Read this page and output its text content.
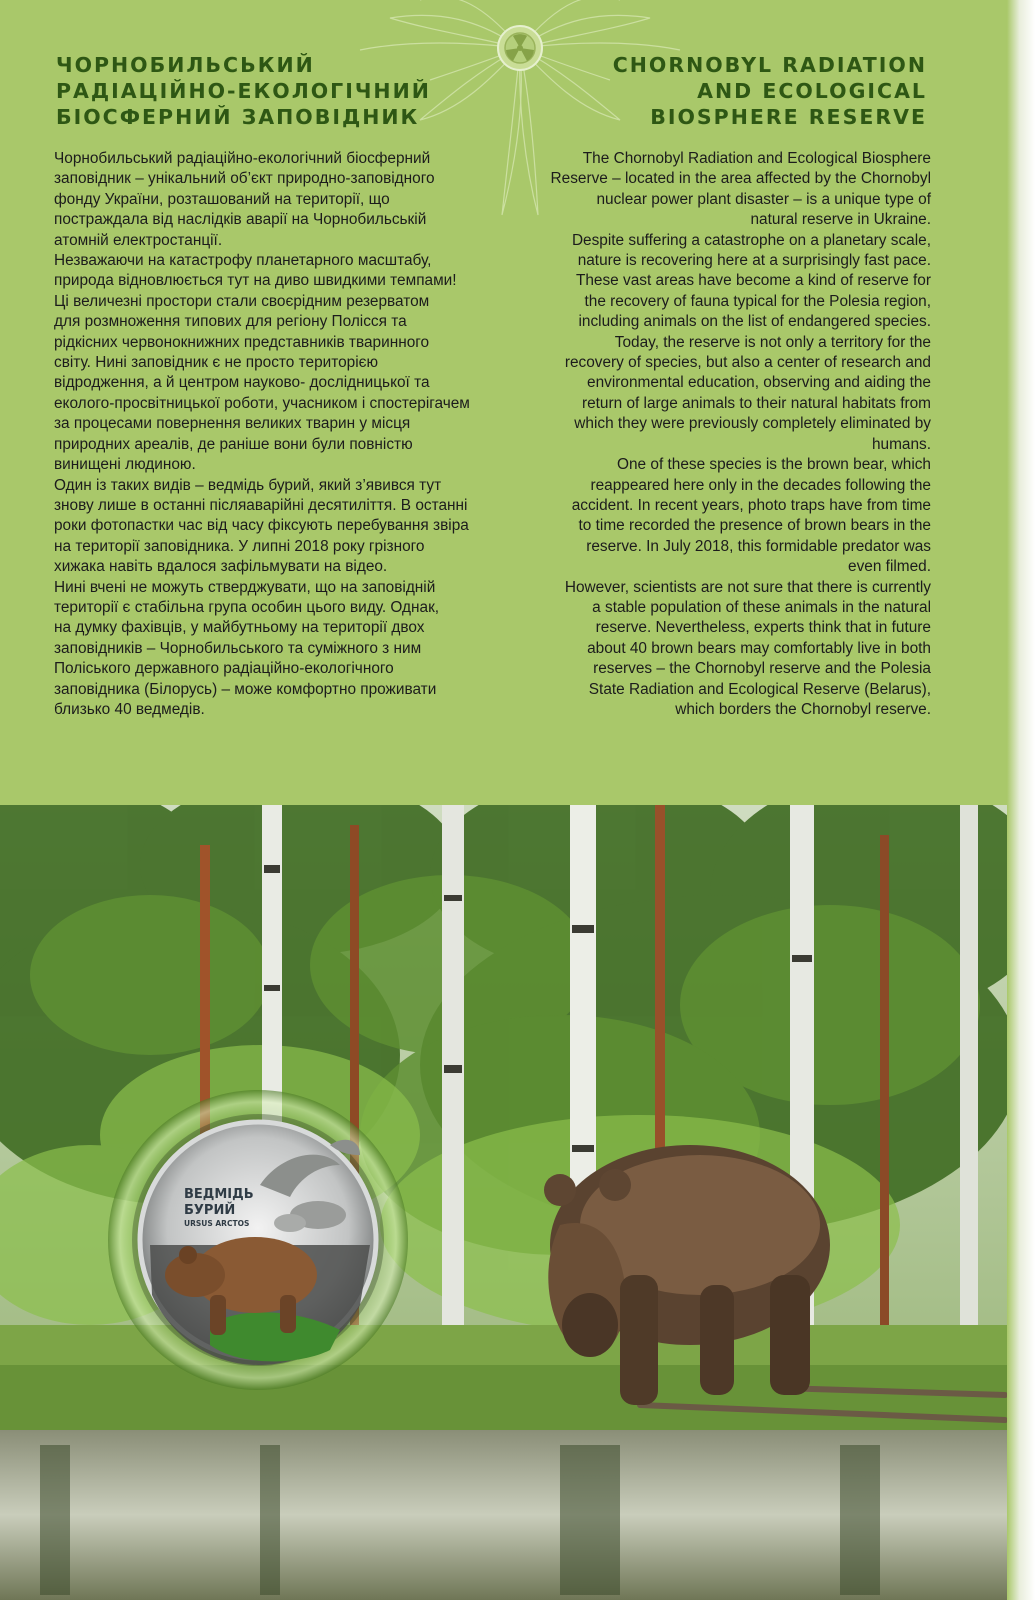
ЧОРНОБИЛЬСЬКИЙ
РАДІАЦІЙНО-ЕКОЛОГІЧНИЙ
БІОСФЕРНИЙ ЗАПОВІДНИК
CHORNOBYL RADIATION
AND ECOLOGICAL
BIOSPHERE RESERVE

Чорнобильський радіаційно-екологічний біосферний
заповідник – унікальний об’єкт природно-заповідного
фонду України, розташований на території, що
постраждала від наслідків аварії на Чорнобильській
атомній електростанції.
Незважаючи на катастрофу планетарного масштабу,
природа відновлюється тут на диво швидкими темпами!
Ці величезні простори стали своєрідним резерватом
для розмноження типових для регіону Полісся та
рідкісних червонокнижних представників тваринного
світу. Нині заповідник є не просто територією
відродження, а й центром науково- дослідницької та
еколого-просвітницької роботи, учасником і спостерігачем
за процесами повернення великих тварин у місця
природних ареалів, де раніше вони були повністю
винищені людиною.
Один із таких видів – ведмідь бурий, який з’явився тут
знову лише в останні післяаварійні десятиліття. В останні
роки фотопастки час від часу фіксують перебування звіра
на території заповідника. У липні 2018 року грізного
хижака навіть вдалося зафільмувати на відео.
Нині вчені не можуть стверджувати, що на заповідній
території є стабільна група особин цього виду. Однак,
на думку фахівців, у майбутньому на території двох
заповідників – Чорнобильського та суміжного з ним
Поліського державного радіаційно-екологічного
заповідника (Білорусь) – може комфортно проживати
близько 40 ведмедів.

The Chornobyl Radiation and Ecological Biosphere
Reserve – located in the area affected by the Chornobyl
nuclear power plant disaster – is a unique type of
natural reserve in Ukraine.
Despite suffering a catastrophe on a planetary scale,
nature is recovering here at a surprisingly fast pace.
These vast areas have become a kind of reserve for
the recovery of fauna typical for the Polesia region,
including animals on the list of endangered species.
Today, the reserve is not only a territory for the
recovery of species, but also a center of research and
environmental education, observing and aiding the
return of large animals to their natural habitats from
which they were previously completely eliminated by
humans.
One of these species is the brown bear, which
reappeared here only in the decades following the
accident. In recent years, photo traps have from time
to time recorded the presence of brown bears in the
reserve. In July 2018, this formidable predator was
even filmed.
However, scientists are not sure that there is currently
a stable population of these animals in the natural
reserve. Nevertheless, experts think that in future
about 40 brown bears may comfortably live in both
reserves – the Chornobyl reserve and the Polesia
State Radiation and Ecological Reserve (Belarus),
which borders the Chornobyl reserve.

ВЕДМІДЬ
БУРИЙ
URSUS ARCTOS
